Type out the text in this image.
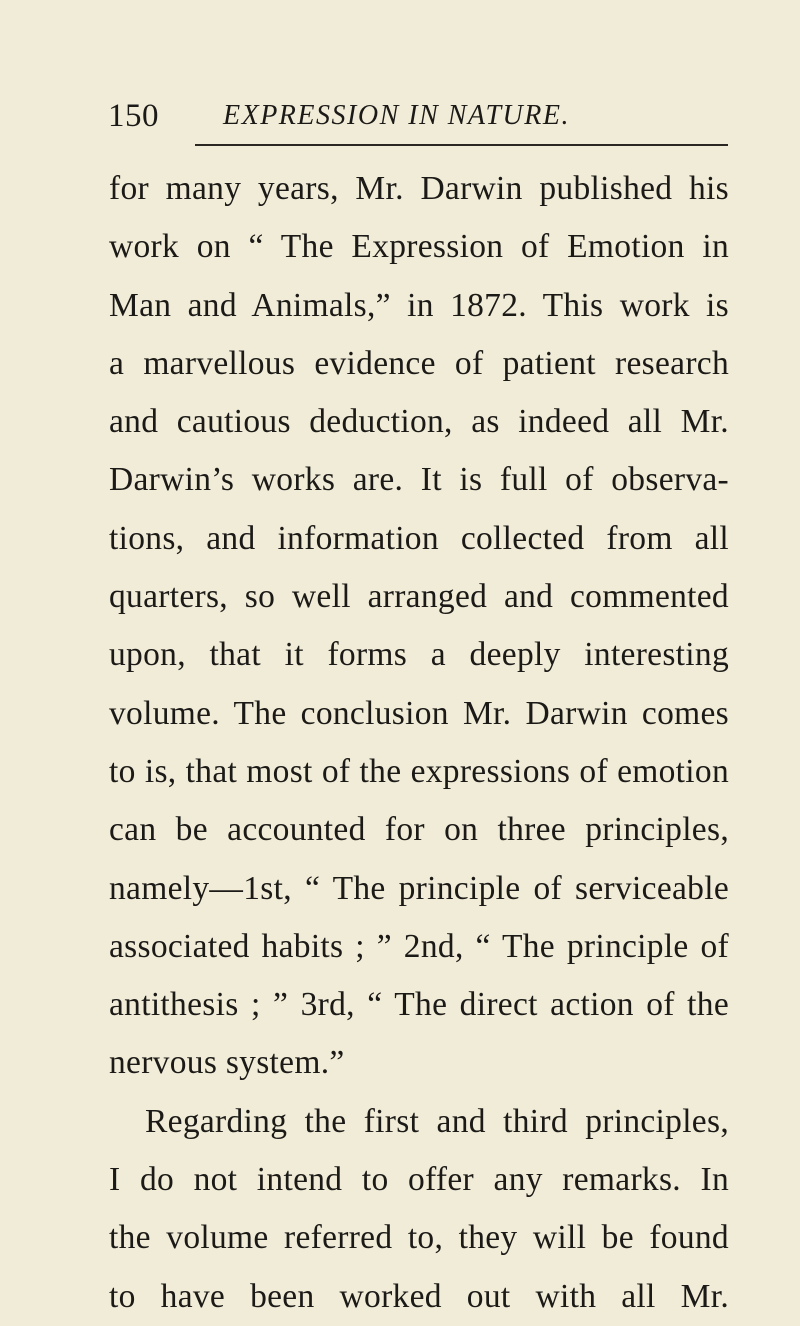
150 EXPRESSION IN NATURE.
for many years, Mr. Darwin published his
work on “ The Expression of Emotion in
Man and Animals,” in 1872. This work is
a marvellous evidence of patient research
and cautious deduction, as indeed all Mr.
Darwin’s works are. It is full of observa-
tions, and information collected from all
quarters, so well arranged and commented
upon, that it forms a deeply interesting
volume. The conclusion Mr. Darwin comes
to is, that most of the expressions of emotion
can be accounted for on three principles,
namely—1st, “ The principle of serviceable
associated habits ; ” 2nd, “ The principle of
antithesis ; ” 3rd, “ The direct action of the
nervous system.”
Regarding the first and third principles,
I do not intend to offer any remarks. In
the volume referred to, they will be found
to have been worked out with all Mr.
